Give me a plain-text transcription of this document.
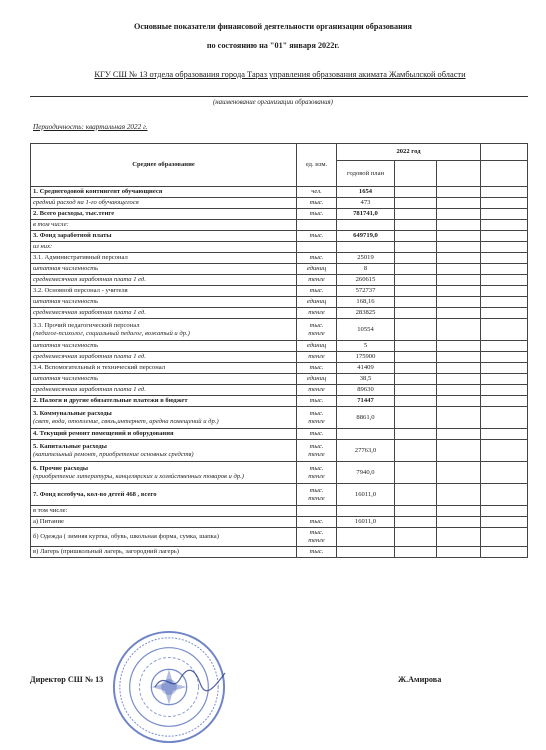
Основные показатели финансовой деятельности организации образования
по состоянию на "01" января 2022г.
КГУ СШ № 13 отдела образования города Тараз управления образования акимата Жамбылской области
(наименование организации образования)
Периодичность: квартальная 2022 г.
Среднее образование	ед. изм.	2022 год			
		годовой план			
1. Среднегодовой контингент обучающиеся	чел.	1654			
средний расход на 1-го обучающегося	тыс.	473			
2. Всего расходы, тыс.тенге	тыс.	781741,0			
в том числе:	

3. Фонд заработной платы	тыс.	649719,0			
из них:	

3.1. Административный персонал	тыс.	25019			
штатная численность	единиц	8			
среднемесячная заработная плата 1 ед.	тенге	260615			
3.2. Основной персонал - учителя	тыс.	572737			
штатная численность	единиц	168,16			
среднемесячная заработная плата 1 ед.	тенге	283825			
3.3. Прочий педагогический персонал
(педагог-психолог, социальный педагог, вожатый и др.)	тыс.
тенге	10554			
штатная численность	единиц	5			
среднемесячная заработная плата 1 ед.	тенге	175900			
3.4. Вспомогательный и технический персонал	тыс.	41409			
штатная численность	единиц	38,5			
среднемесячная заработная плата 1 ед.	тенге	89630			
2. Налоги и другие обязательные платежи в бюджет	тыс.	71447			
3. Коммунальные расходы
(свет, вода, отопление, связь,интернет, аредна помещений и др.)	тыс.
тенге	8861,0			
4. Текущий ремонт помещений и оборудования	тыс.				

5. Капитальные расходы
(капительный ремонт, приобретение основных средств)	тыс.
тенге	27763,0			
6. Прочие расходы
(приобретение литературы, канцелярских и хозяйственных товаров и др.)	тыс.
тенге	7940,0			
7. Фонд всеобуча, кол-во детей 468 , всего	тыс.
тенге	16011,0			
в том числе:	

а) Питание	тыс.	16011,0			
б) Одежда ( зимняя куртка, обувь, школьная форма, сумка, шапка)	тыс.
тенге				

в) Лагерь (пришкольный лагерь, загородний лагерь)	тыс.				

Директор СШ № 13	Ж.Амирова
